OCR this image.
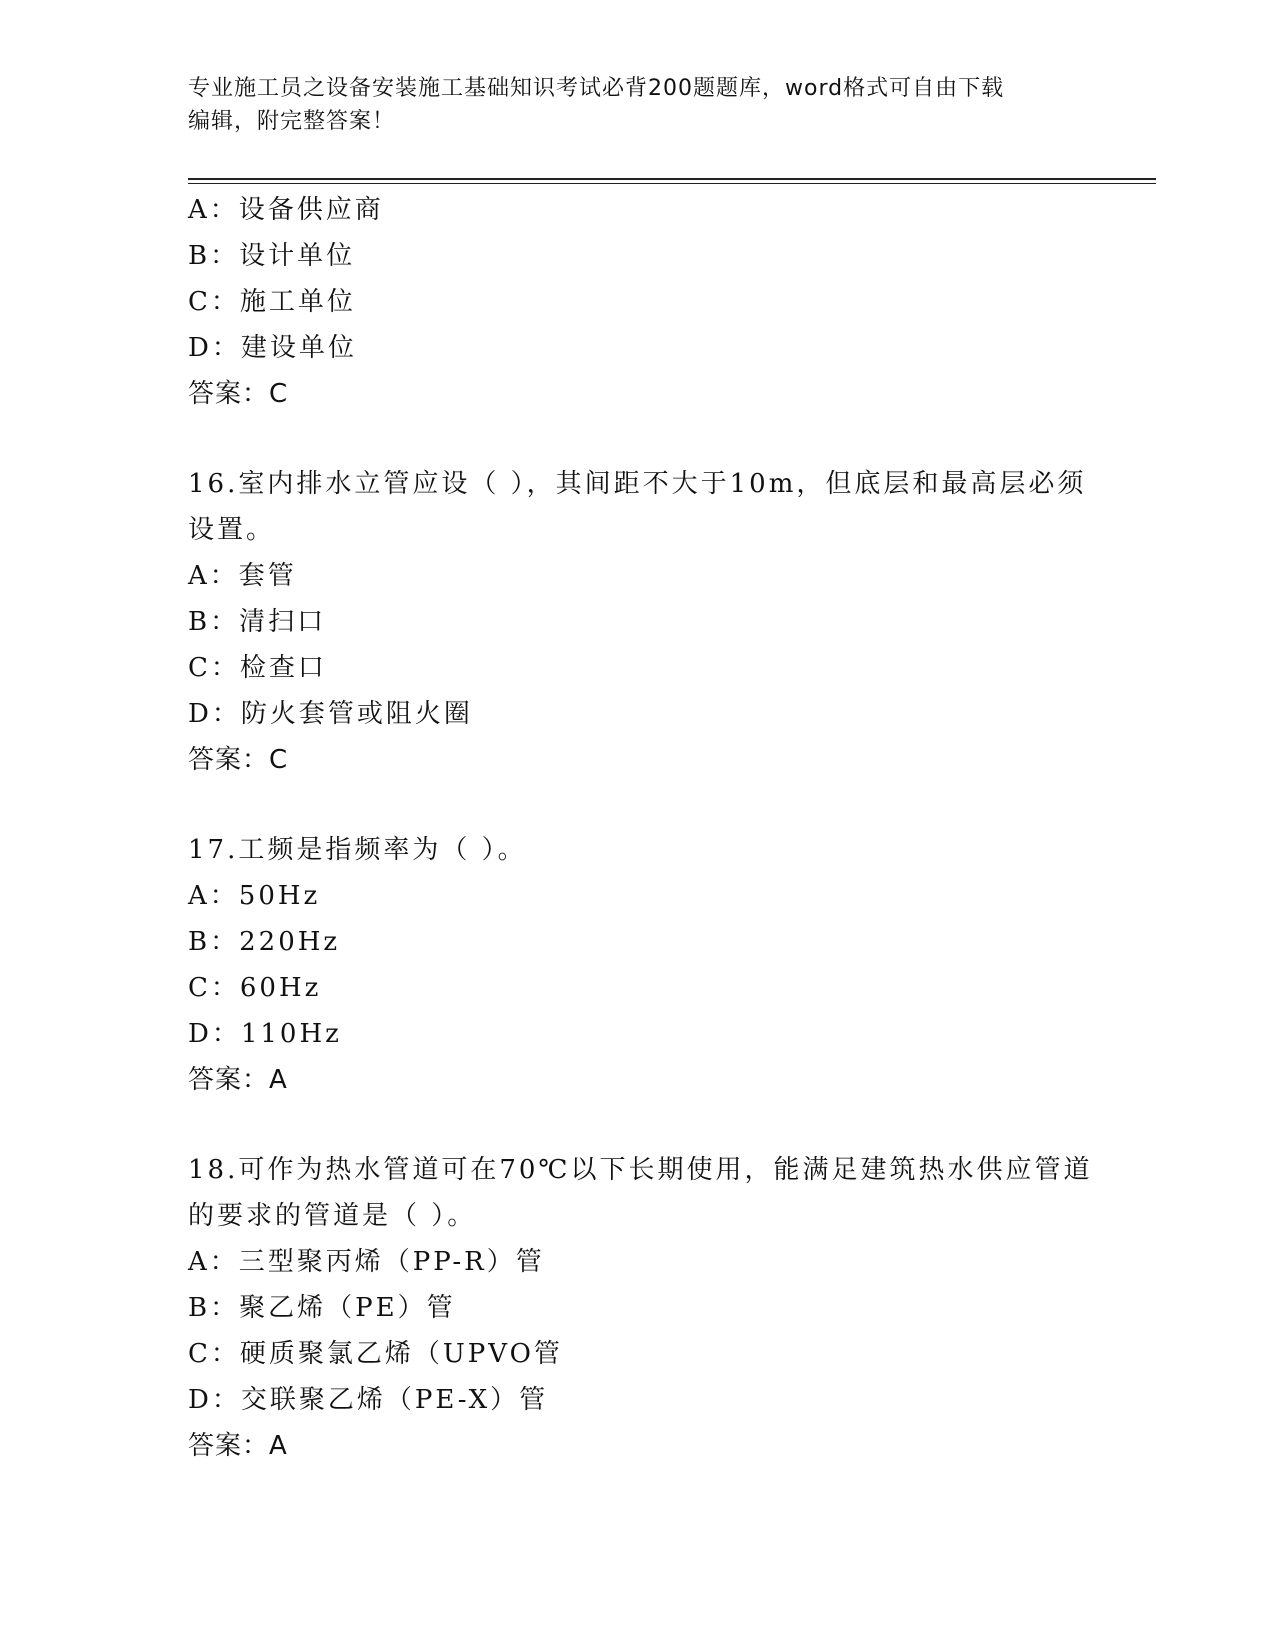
专业施工员之设备安装施工基础知识考试必背200题题库，word格式可自由下载
编辑，附完整答案！
A：设备供应商
B：设计单位
C：施工单位
D：建设单位
答案：C
16.室内排水立管应设（ ），其间距不大于10m，但底层和最高层必须
设置。
A：套管
B：清扫口
C：检查口
D：防火套管或阻火圈
答案：C
17.工频是指频率为（ ）。
A：50Hz
B：220Hz
C：60Hz
D：110Hz
答案：A
18.可作为热水管道可在70℃以下长期使用，能满足建筑热水供应管道
的要求的管道是（ ）。
A：三型聚丙烯（PP-R）管
B：聚乙烯（PE）管
C：硬质聚氯乙烯（UPVO管
D：交联聚乙烯（PE-X）管
答案：A
